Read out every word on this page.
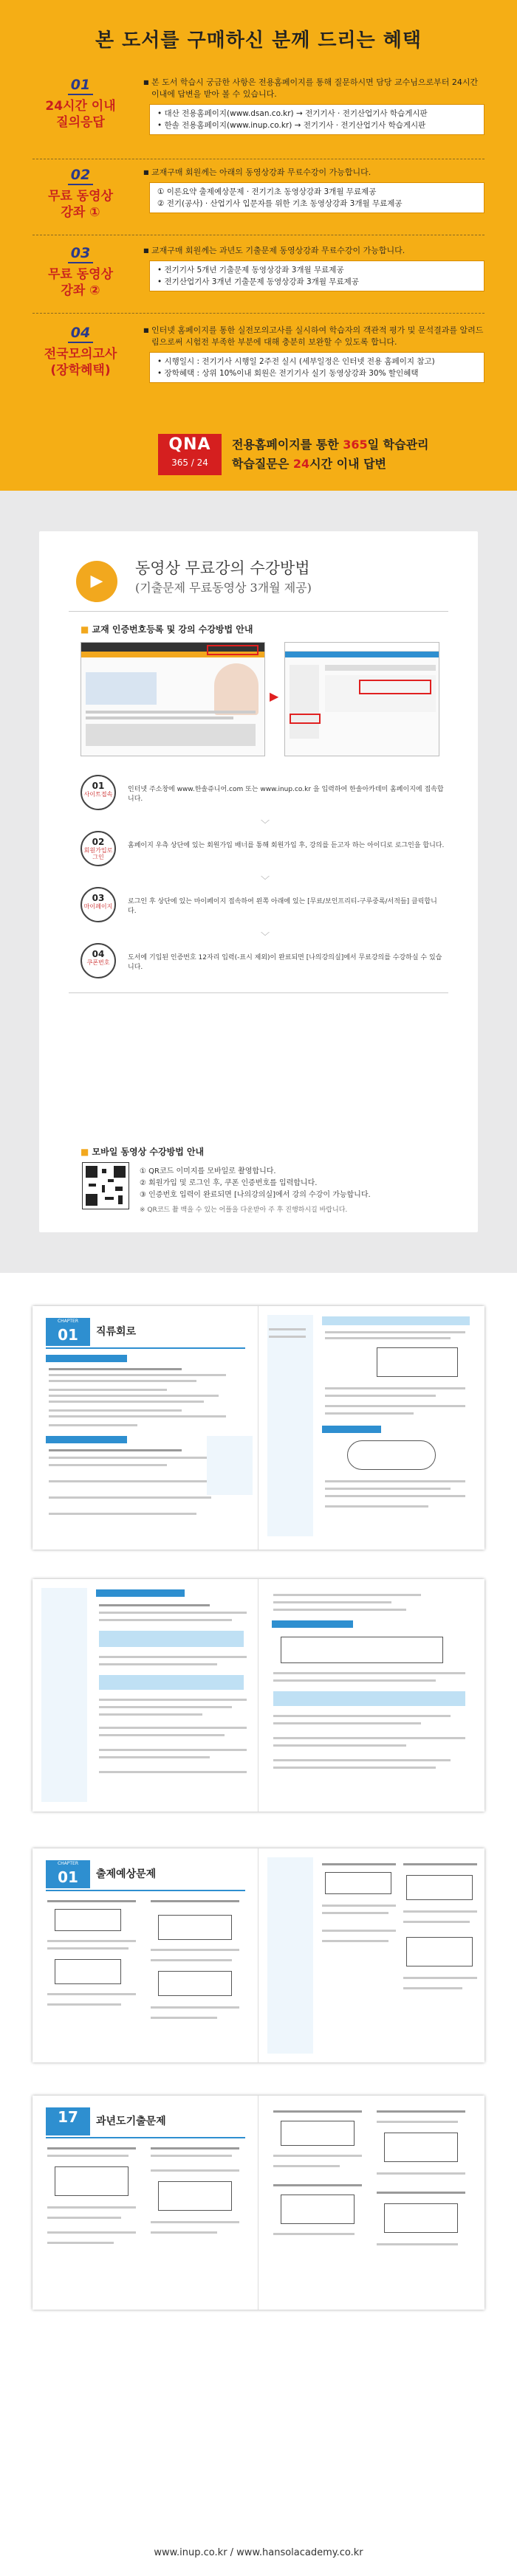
본 도서를 구매하신 분께 드리는 혜택
01
24시간 이내
질의응답

■ 본 도서 학습시 궁금한 사항은 전용홈페이지를 통해 질문하시면 담당 교수님으로부터 24시간 이내에 답변을 받아 볼 수 있습니다.

• 대산 전용홈페이지(www.dsan.co.kr) → 전기기사 · 전기산업기사 학습게시판
• 한솔 전용홈페이지(www.inup.co.kr) → 전기기사 · 전기산업기사 학습게시판
02
무료 동영상
강좌 ①

■ 교재구매 회원께는 아래의 동영상강좌 무료수강이 가능합니다.

① 이론요약 출제예상문제 · 전기기초 동영상강좌 3개월 무료제공
② 전기(공사) · 산업기사 입문자를 위한 기초 동영상강좌 3개월 무료제공
03
무료 동영상
강좌 ②

■ 교재구매 회원께는 과년도 기출문제 동영상강좌 무료수강이 가능합니다.

• 전기기사 5개년 기출문제 동영상강좌 3개월 무료제공
• 전기산업기사 3개년 기출문제 동영상강좌 3개월 무료제공
04
전국모의고사
(장학혜택)

■ 인터넷 홈페이지를 통한 실전모의고사를 실시하여 학습자의 객관적 평가 및 문석결과를 알려드림으로써 시험전 부족한 부분에 대해 충분히 보완할 수 있도록 합니다.

• 시행일시 : 전기기사 시행일 2주전 실시 (세부일정은 인터넷 전용 홈페이지 참고)
• 장학혜택 : 상위 10%이내 회원은 전기기사 실기 동영상강좌 30% 할인혜택
QNA
365 / 24
전용홈페이지를 통한 365일 학습관리
학습질문은 24시간 이내 답변
▶
동영상 무료강의 수강방법
(기출문제 무료동영상 3개월 제공)
■ 교재 인증번호등록 및 강의 수강방법 안내
▶
01
사이트접속
인터넷 주소창에 www.한솔쥬니어.com 또는 www.inup.co.kr 을 입력하여 한솔아카데미 홈페이지에 접속합니다.
﹀
02
회원가입로그인
홈페이지 우측 상단에 있는 회원가입 배너를 통해 회원가입 후, 강의를 듣고자 하는 아이디로 로그인을 합니다.
﹀
03
마이페이지
로그인 후 상단에 있는 마이페이지 접속하여 왼쪽 아래에 있는 [무료/보인프리티-구루중록/서적들] 클릭합니다.
﹀
04
쿠폰번호
도서에 기입된 인증번호 12자리 입력(-표시 제외)이 완료되면 [나의강의실]에서 무료강의를 수강하실 수 있습니다.
■ 모바일 동영상 수강방법 안내
① QR코드 이미지를 모바일로 촬영합니다.
② 회원가입 및 로그인 후, 쿠폰 인증번호를 입력합니다.
③ 인증번호 입력이 완료되면 [나의강의실]에서 강의 수강이 가능합니다.
※ QR코드 촬 백을 수 있는 어플을 다운받아 주 후 진행하시길 바랍니다.
CHAPTER
01	직류회로
CHAPTER
01	출제예상문제
17	과년도기출문제
www.inup.co.kr / www.hansolacademy.co.kr
